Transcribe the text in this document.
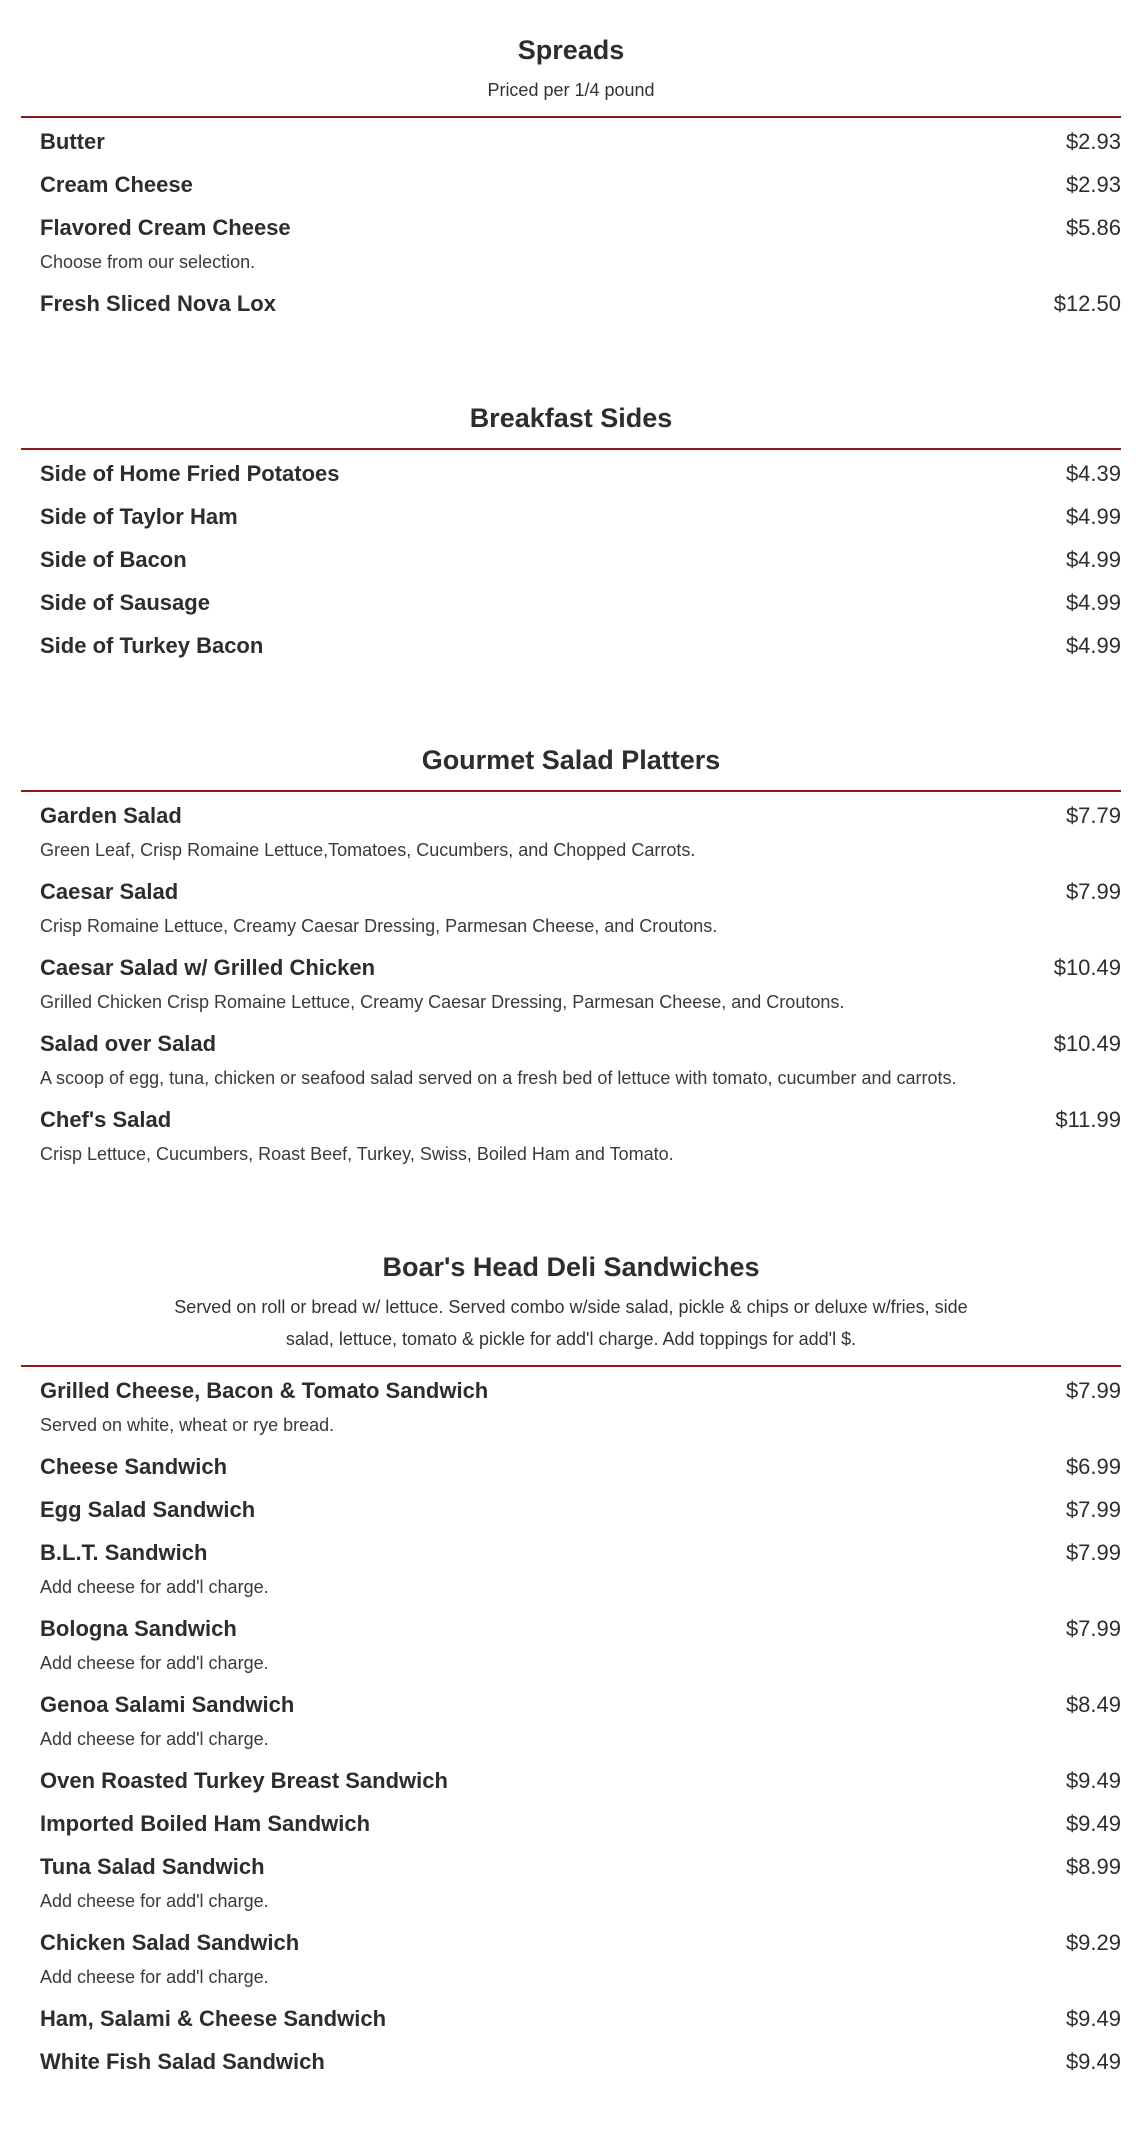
Spreads
Priced per 1/4 pound
Butter	$2.93
Cream Cheese	$2.93
Flavored Cream Cheese	$5.86
Choose from our selection.
Fresh Sliced Nova Lox	$12.50
Breakfast Sides
Side of Home Fried Potatoes	$4.39
Side of Taylor Ham	$4.99
Side of Bacon	$4.99
Side of Sausage	$4.99
Side of Turkey Bacon	$4.99
Gourmet Salad Platters
Garden Salad	$7.79
Green Leaf, Crisp Romaine Lettuce,Tomatoes, Cucumbers, and Chopped Carrots.
Caesar Salad	$7.99
Crisp Romaine Lettuce, Creamy Caesar Dressing, Parmesan Cheese, and Croutons.
Caesar Salad w/ Grilled Chicken	$10.49
Grilled Chicken Crisp Romaine Lettuce, Creamy Caesar Dressing, Parmesan Cheese, and Croutons.
Salad over Salad	$10.49
A scoop of egg, tuna, chicken or seafood salad served on a fresh bed of lettuce with tomato, cucumber and carrots.
Chef's Salad	$11.99
Crisp Lettuce, Cucumbers, Roast Beef, Turkey, Swiss, Boiled Ham and Tomato.
Boar's Head Deli Sandwiches
Served on roll or bread w/ lettuce. Served combo w/side salad, pickle & chips or deluxe w/fries, side salad, lettuce, tomato & pickle for add'l charge. Add toppings for add'l $.
Grilled Cheese, Bacon & Tomato Sandwich	$7.99
Served on white, wheat or rye bread.
Cheese Sandwich	$6.99
Egg Salad Sandwich	$7.99
B.L.T. Sandwich	$7.99
Add cheese for add'l charge.
Bologna Sandwich	$7.99
Add cheese for add'l charge.
Genoa Salami Sandwich	$8.49
Add cheese for add'l charge.
Oven Roasted Turkey Breast Sandwich	$9.49
Imported Boiled Ham Sandwich	$9.49
Tuna Salad Sandwich	$8.99
Add cheese for add'l charge.
Chicken Salad Sandwich	$9.29
Add cheese for add'l charge.
Ham, Salami & Cheese Sandwich	$9.49
White Fish Salad Sandwich	$9.49
